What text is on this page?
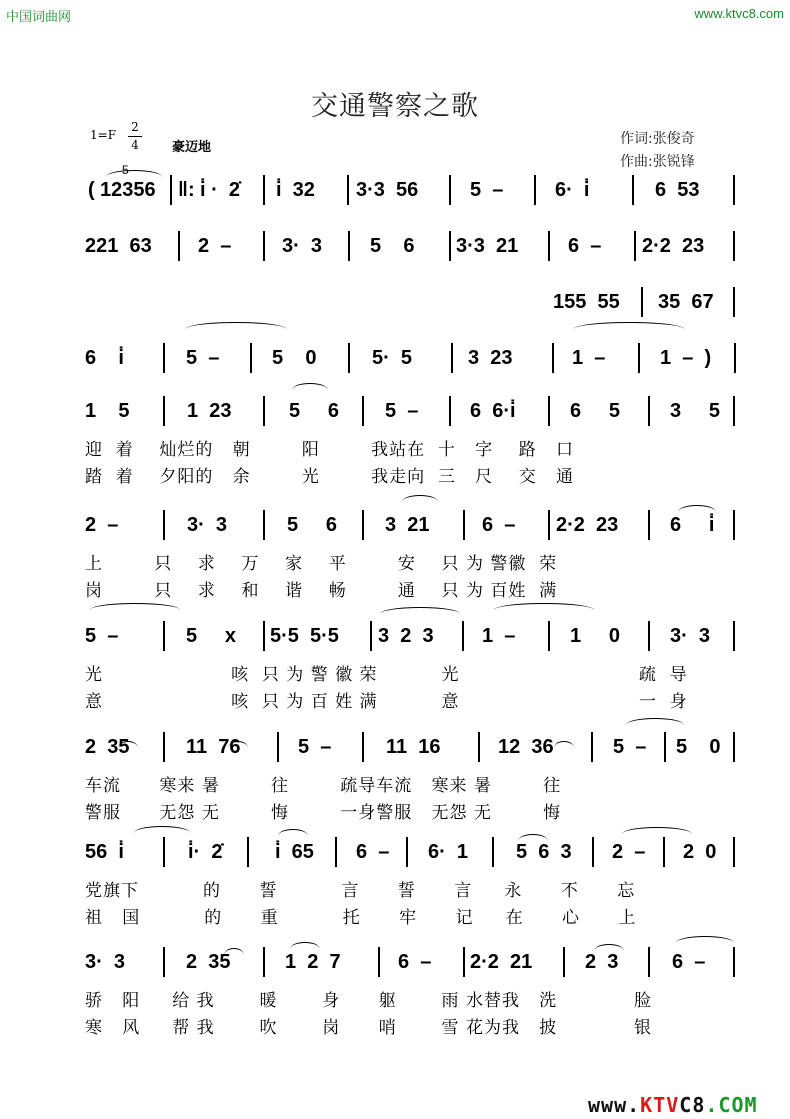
中国词曲网	www.ktvc8.com
交通警察之歌
1=F
2
4	豪迈地
作词:张俊奇
作曲:张锐锋
( 12356 ‖: i̇ ·  2̇ i̇  32 3·3  56	5  –	6·  i̇	6  53
5
221  63 2  –	3·  3 5    6 3·3  21 6  – 2·2  23
155  55 35  67
6    i̇	5  –	5    0	5·  5	3  23	1  –	1  –  )
1    5	1  23	5     6 5  –	6  6·i̇	6     5 3     5
迎  着    灿烂的   朝        阳        我站在  十   字    路   口
踏  着    夕阳的   余        光        我走向  三   尺    交   通
2  –	3·  3	5     6 3  21	6  – 2·2  23	6     i̇
上        只    求    万    家    平        安    只 为 警徽  荣
岗        只    求    和    谐    畅        通    只 为 百姓  满
5  –	5     x 5·5  5·5 3  2  3 1  –	1     0 3·  3
光                    咳  只 为 警 徽 荣          光                            疏  导
意                    咳  只 为 百 姓 满          意                            一  身
2  35	11  76	5  –	11  16	12  36	5  – 5    0
车流      寒来 暑        往        疏导车流   寒来 暑        往
警服      无怨 无        悔        一身警服   无怨 无        悔
56  i̇	i̇·  2̇	i̇  65 6  – 6·  1 5  6  3 2  – 2  0
党旗下          的      誓          言      誓      言     永      不      忘
祖   国          的      重          托      牢      记     在      心      上
3·  3	2  35	1  2  7	6  – 2·2  21	2  3	6  –
骄   阳     给 我       暖       身      躯       雨 水替我   洗            脸
寒   风     帮 我       吹       岗      哨       雪 花为我   披            银
www.KTVC8.COM
